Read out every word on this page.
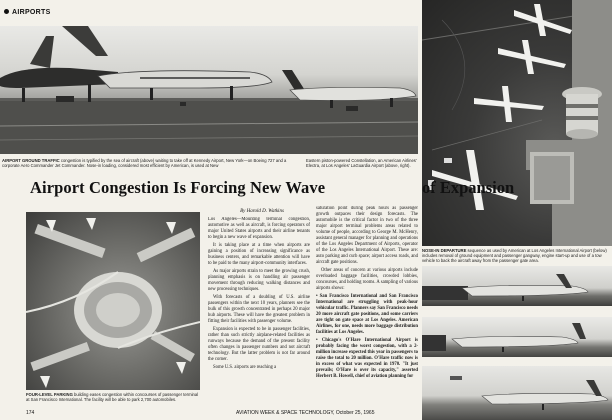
AIRPORTS
AIRPORT GROUND TRAFFIC congestion is typified by the sea of aircraft (above) waiting to take off at Kennedy Airport, New York—on Boeing 727 and a corporate Aero Commander Jet Commander. Nose-in loading, considered most efficient by American, is used at New
Eastern piston-powered Constellation, an American Airlines' Electra, at Los Angeles' LaGuardia Airport (above, right).
NOSE-IN DEPARTURE sequence as used by American at Los Angeles International Airport (below) includes removal of ground equipment and passenger gangway, engine start-up and use of a tow vehicle to back the aircraft away from the passenger gate area.
Airport Congestion Is Forcing New Wave	of Expansion
FOUR-LEVEL PARKING building eases congestion within concourses of passenger terminal at San Francisco International. The facility will be able to park 2,700 automobiles.
By Harold D. Watkins

Los Angeles—Mounting terminal congestion, automotive as well as aircraft, is forcing operators of major United States airports and their airline tenants to begin a new wave of expansion.

It is taking place at a time when airports are gaining a position of increasing significance as business centers, and remarkable attention will have to be paid to the many airport-community interfaces.

As major airports strain to meet the growing crush, planning emphasis is on handling air passenger movement through reducing walking distances and new processing techniques.

With forecasts of a doubling of U.S. airline passengers within the next 10 years, planners see the bulk of this growth concentrated in perhaps 20 major hub airports. These will have the greatest problem in fitting their facilities with passenger volume.

Expansion is expected to be in passenger facilities, rather than such strictly airplane-related facilities as runways because the demand of the present facility often changes in passenger numbers and not aircraft technology. But the latter problem is not far around the corner.

Some U.S. airports are reaching a

saturation point during peak hours as passenger growth outpaces their design forecasts. The automobile is the critical factor in two of the three major airport terminal problems areas related to volume of people, according to George M. McHenry, assistant general manager for planning and operations of the Los Angeles Department of Airports, operator of the Los Angeles International Airport. These are: auto parking and curb space; airport access roads, and aircraft gate positions.

Other areas of concern at various airports include overloaded baggage facilities, crowded lobbies, concourses, and holding rooms. A sampling of various airports shows:

• San Francisco International and San Francisco International are struggling with peak-hour vehicular traffic. Planners say San Francisco needs 20 more aircraft gate positions, and some carriers are tight on gate space at Los Angeles. American Airlines, for one, needs more baggage distribution facilities at Los Angeles.

• Chicago's O'Hare International Airport is probably facing the worst congestion, with a 2-million increase expected this year in passengers to raise the total to 20 million. O'Hare traffic now is in excess of what was expected in 1970. "It just prevails; O'Hare is over its capacity," asserted Herbert B. Howell, chief of aviation planning for

174	AVIATION WEEK & SPACE TECHNOLOGY, October 25, 1965
